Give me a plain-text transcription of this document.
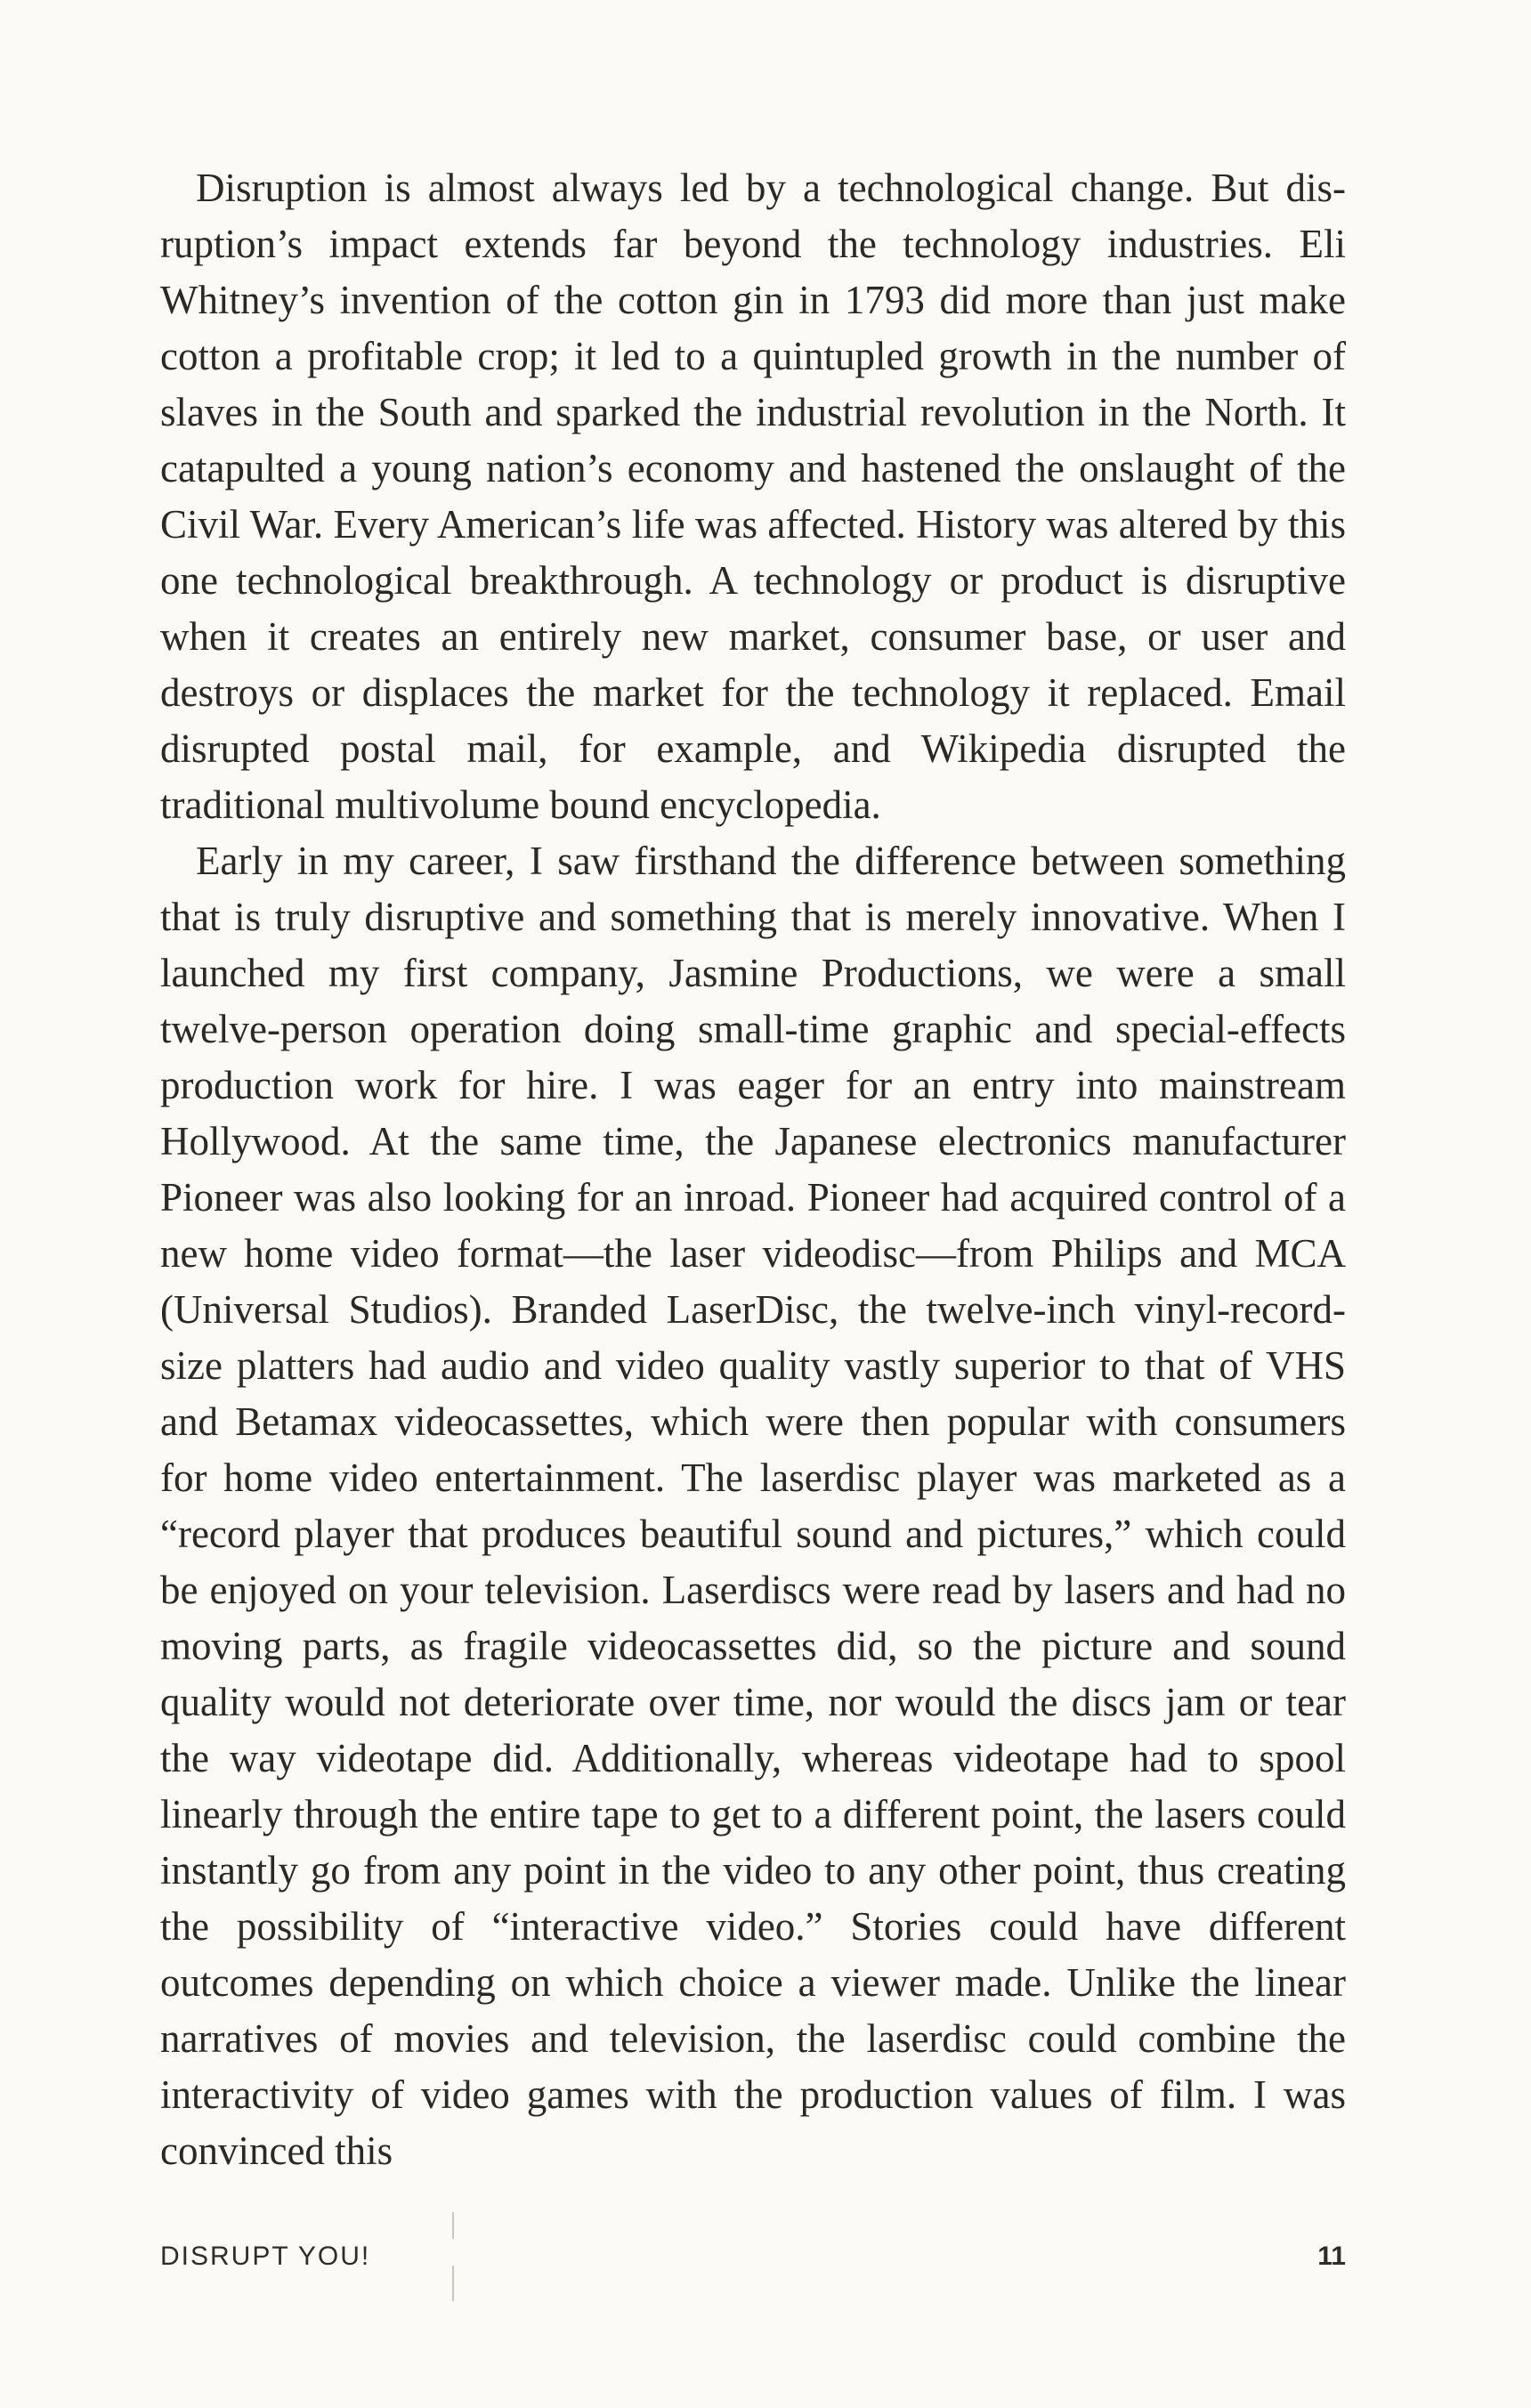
Disruption is almost always led by a technological change. But disruption’s impact extends far beyond the technology industries. Eli Whitney’s invention of the cotton gin in 1793 did more than just make cotton a profitable crop; it led to a quintupled growth in the number of slaves in the South and sparked the industrial revolution in the North. It catapulted a young nation’s economy and hastened the onslaught of the Civil War. Every American’s life was affected. History was altered by this one technological breakthrough. A technology or product is disruptive when it creates an entirely new market, consumer base, or user and destroys or displaces the market for the technology it replaced. Email disrupted postal mail, for example, and Wikipedia disrupted the traditional multivolume bound encyclopedia.

Early in my career, I saw firsthand the difference between something that is truly disruptive and something that is merely innovative. When I launched my first company, Jasmine Productions, we were a small twelve-person operation doing small-time graphic and special-effects production work for hire. I was eager for an entry into mainstream Hollywood. At the same time, the Japanese electronics manufacturer Pioneer was also looking for an inroad. Pioneer had acquired control of a new home video format—the laser videodisc—from Philips and MCA (Universal Studios). Branded LaserDisc, the twelve-inch vinyl-record-size platters had audio and video quality vastly superior to that of VHS and Betamax videocassettes, which were then popular with consumers for home video entertainment. The laserdisc player was marketed as a “record player that produces beautiful sound and pictures,” which could be enjoyed on your television. Laserdiscs were read by lasers and had no moving parts, as fragile videocassettes did, so the picture and sound quality would not deteriorate over time, nor would the discs jam or tear the way videotape did. Additionally, whereas videotape had to spool linearly through the entire tape to get to a different point, the lasers could instantly go from any point in the video to any other point, thus creating the possibility of “interactive video.” Stories could have different outcomes depending on which choice a viewer made. Unlike the linear narratives of movies and television, the laserdisc could combine the interactivity of video games with the production values of film. I was convinced this

DISRUPT YOU!	11
